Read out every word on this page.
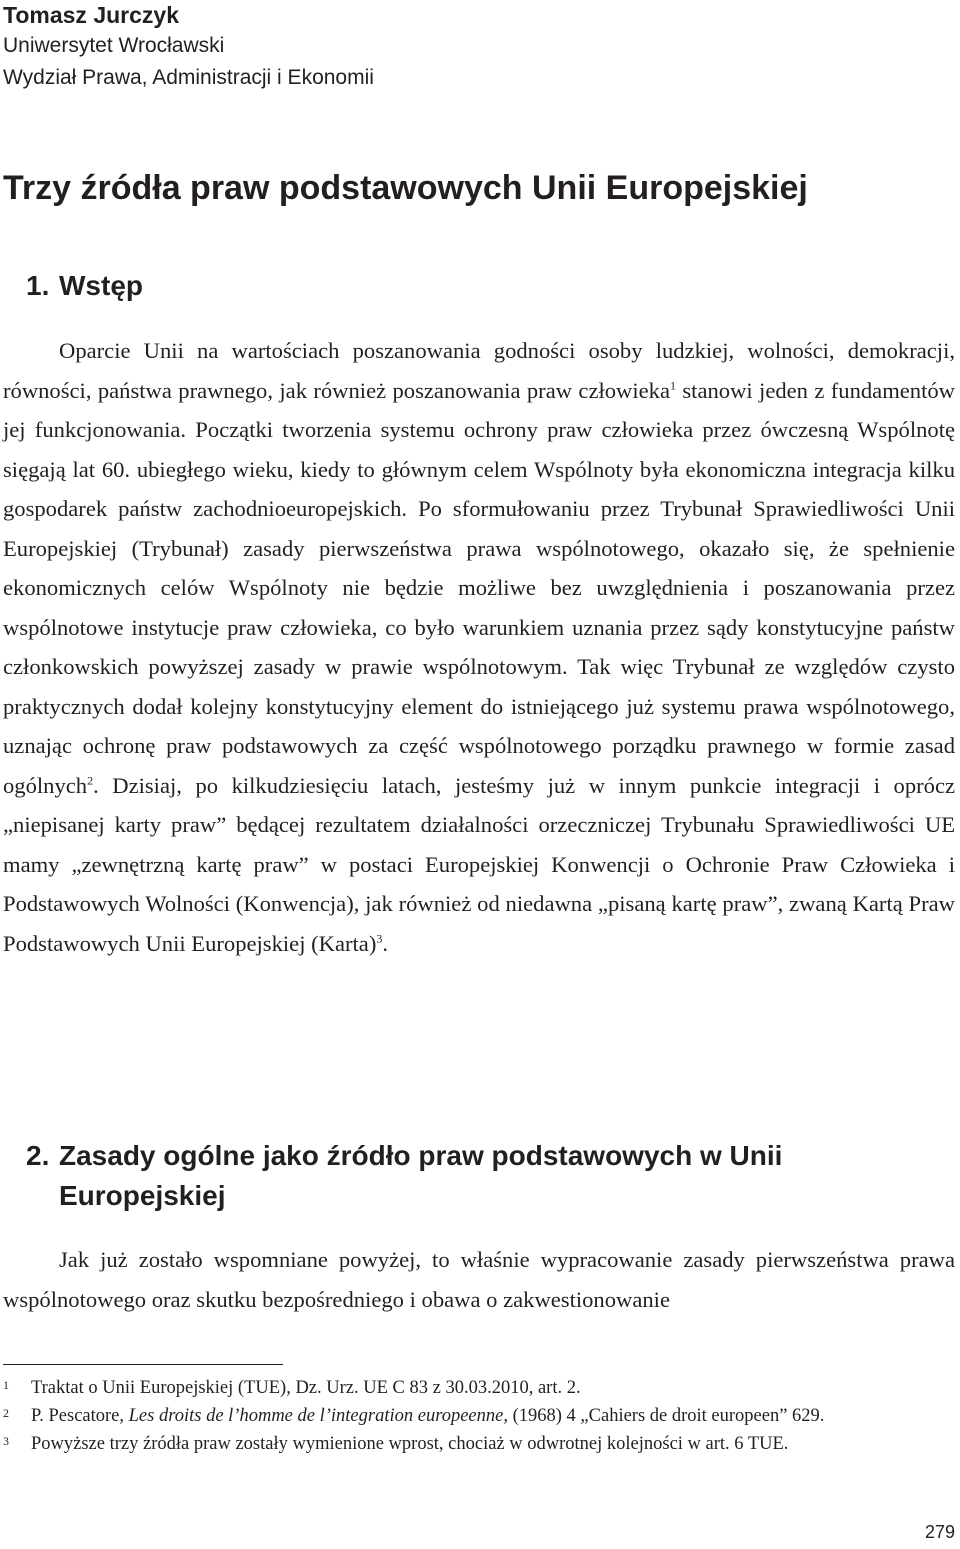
Tomasz Jurczyk
Uniwersytet Wrocławski
Wydział Prawa, Administracji i Ekonomii
Trzy źródła praw podstawowych Unii Europejskiej
1. Wstęp

Oparcie Unii na wartościach poszanowania godności osoby ludzkiej, wolności, demokracji, równości, państwa prawnego, jak również poszanowania praw człowieka$^1$ stanowi jeden z fundamentów jej funkcjonowania. Początki tworzenia systemu ochrony praw człowieka przez ówczesną Wspólnotę sięgają lat 60. ubiegłego wieku, kiedy to głównym celem Wspólnoty była ekonomiczna integracja kilku gospodarek państw zachodnioeuropejskich. Po sformułowaniu przez Trybunał Sprawiedliwości Unii Europejskiej (Trybunał) zasady pierwszeństwa prawa wspólnotowego, okazało się, że spełnienie ekonomicznych celów Wspólnoty nie będzie możliwe bez uwzględnienia i poszanowania przez wspólnotowe instytucje praw człowieka, co było warunkiem uznania przez sądy konstytucyjne państw członkowskich powyższej zasady w prawie wspólnotowym. Tak więc Trybunał ze względów czysto praktycznych dodał kolejny konstytucyjny element do istniejącego już systemu prawa wspólnotowego, uznając ochronę praw podstawowych za część wspólnotowego porządku prawnego w formie zasad ogólnych$^2$. Dzisiaj, po kilkudziesięciu latach, jesteśmy już w innym punkcie integracji i oprócz „niepisanej karty praw” będącej rezultatem działalności orzeczniczej Trybunału Sprawiedliwości UE mamy „zewnętrzną kartę praw” w postaci Europejskiej Konwencji o Ochronie Praw Człowieka i Podstawowych Wolności (Konwencja), jak również od niedawna „pisaną kartę praw”, zwaną Kartą Praw Podstawowych Unii Europejskiej (Karta)$^3$.

2. Zasady ogólne jako źródło praw podstawowych w Unii Europejskiej

Jak już zostało wspomniane powyżej, to właśnie wypracowanie zasady pierwszeństwa prawa wspólnotowego oraz skutku bezpośredniego i obawa o zakwestionowanie

1	Traktat o Unii Europejskiej (TUE), Dz. Urz. UE C 83 z 30.03.2010, art. 2.
2	P. Pescatore, Les droits de l’homme de l’integration europeenne, (1968) 4 „Cahiers de droit europeen” 629.
3	Powyższe trzy źródła praw zostały wymienione wprost, chociaż w odwrotnej kolejności w art. 6 TUE.
279
